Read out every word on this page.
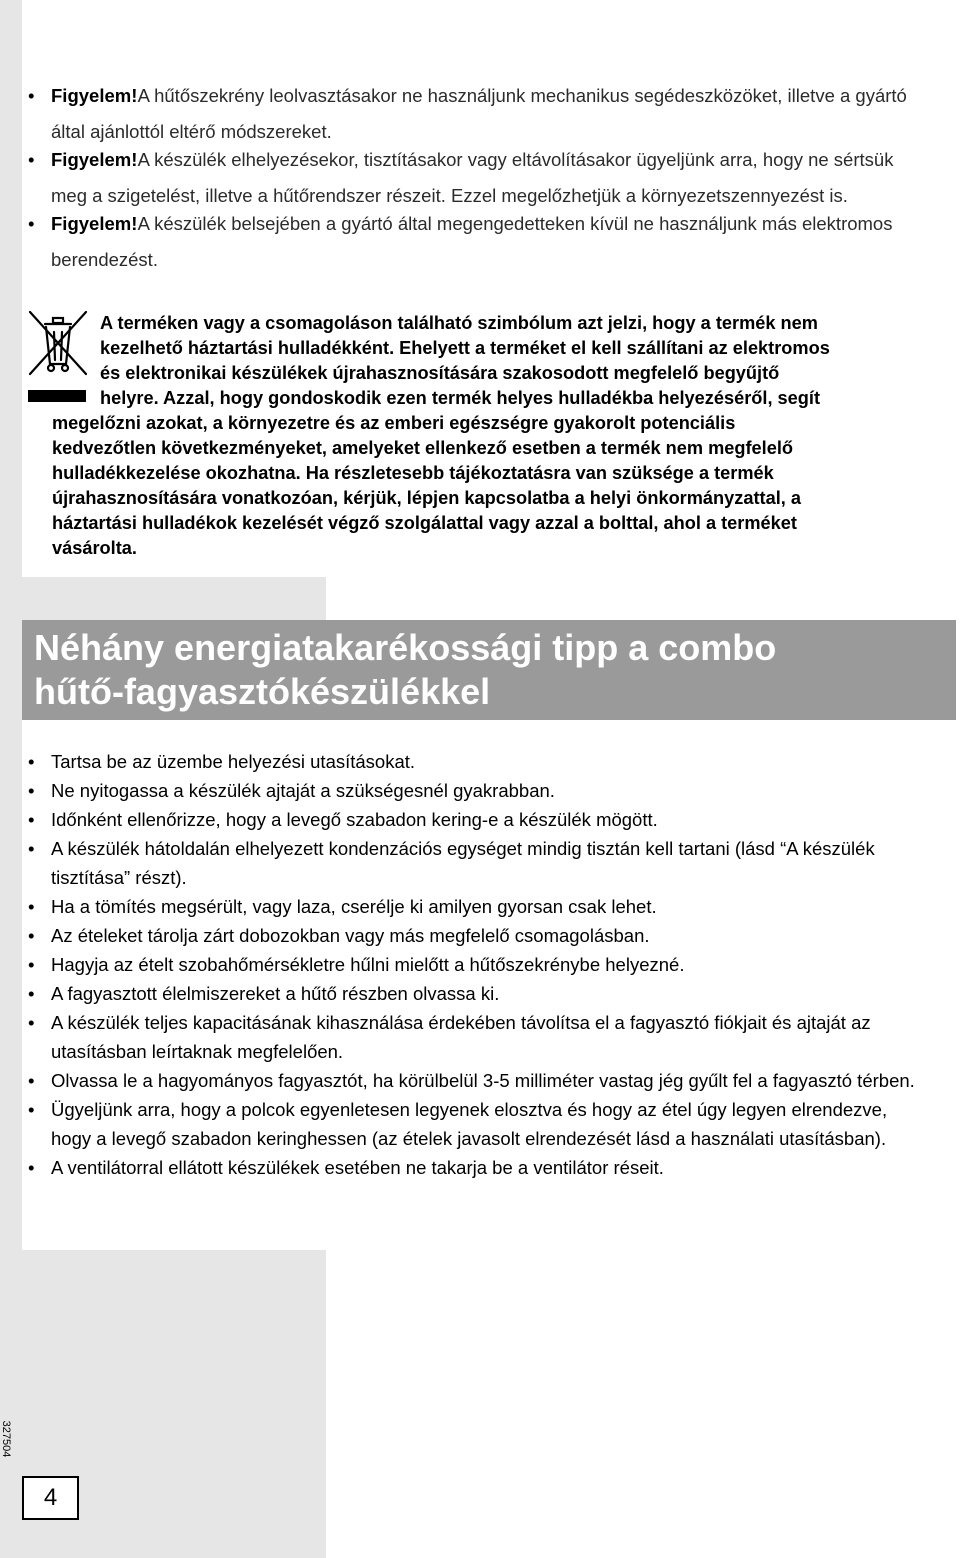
• Figyelem! A hűtőszekrény leolvasztásakor ne használjunk mechanikus segédeszközöket, illetve a gyártó által ajánlottól eltérő módszereket.
• Figyelem! A készülék elhelyezésekor, tisztításakor vagy eltávolításakor ügyeljünk arra, hogy ne sértsük meg a szigetelést, illetve a hűtőrendszer részeit. Ezzel megelőzhetjük a környezetszennyezést is.
• Figyelem! A készülék belsejében a gyártó által megengedetteken kívül ne használjunk más elektromos berendezést.
A terméken vagy a csomagoláson található szimbólum azt jelzi, hogy a termék nem
kezelhető háztartási hulladékként. Ehelyett a terméket el kell szállítani az elektromos
és elektronikai készülékek újrahasznosítására szakosodott megfelelő begyűjtő
helyre. Azzal, hogy gondoskodik ezen termék helyes hulladékba helyezéséről, segít
megelőzni azokat, a környezetre és az emberi egészségre gyakorolt potenciális
kedvezőtlen következményeket, amelyeket ellenkező esetben a termék nem megfelelő
hulladékkezelése okozhatna. Ha részletesebb tájékoztatásra van szüksége a termék
újrahasznosítására vonatkozóan, kérjük, lépjen kapcsolatba a helyi önkormányzattal, a
háztartási hulladékok kezelését végző szolgálattal vagy azzal a bolttal, ahol a terméket
vásárolta.
Néhány energiatakarékossági tipp a combo
hűtő-fagyasztókészülékkel
• Tartsa be az üzembe helyezési utasításokat.
• Ne nyitogassa a készülék ajtaját a szükségesnél gyakrabban.
• Időnként ellenőrizze, hogy a levegő szabadon kering-e a készülék mögött.
• A készülék hátoldalán elhelyezett kondenzációs egységet mindig tisztán kell tartani (lásd “A készülék tisztítása” részt).
• Ha a tömítés megsérült, vagy laza, cserélje ki amilyen gyorsan csak lehet.
• Az ételeket tárolja zárt dobozokban vagy más megfelelő csomagolásban.
• Hagyja az ételt szobahőmérsékletre hűlni mielőtt a hűtőszekrénybe helyezné.
• A fagyasztott élelmiszereket a hűtő részben olvassa ki.
• A készülék teljes kapacitásának kihasználása érdekében távolítsa el a fagyasztó fiókjait és ajtaját az utasításban leírtaknak megfelelően.
• Olvassa le a hagyományos fagyasztót, ha körülbelül 3-5 milliméter vastag jég gyűlt fel a fagyasztó térben.
• Ügyeljünk arra, hogy a polcok egyenletesen legyenek elosztva és hogy az étel úgy legyen elrendezve, hogy a levegő szabadon keringhessen (az ételek javasolt elrendezését lásd a használati utasításban).
• A ventilátorral ellátott készülékek esetében ne takarja be a ventilátor réseit.
327504
4
